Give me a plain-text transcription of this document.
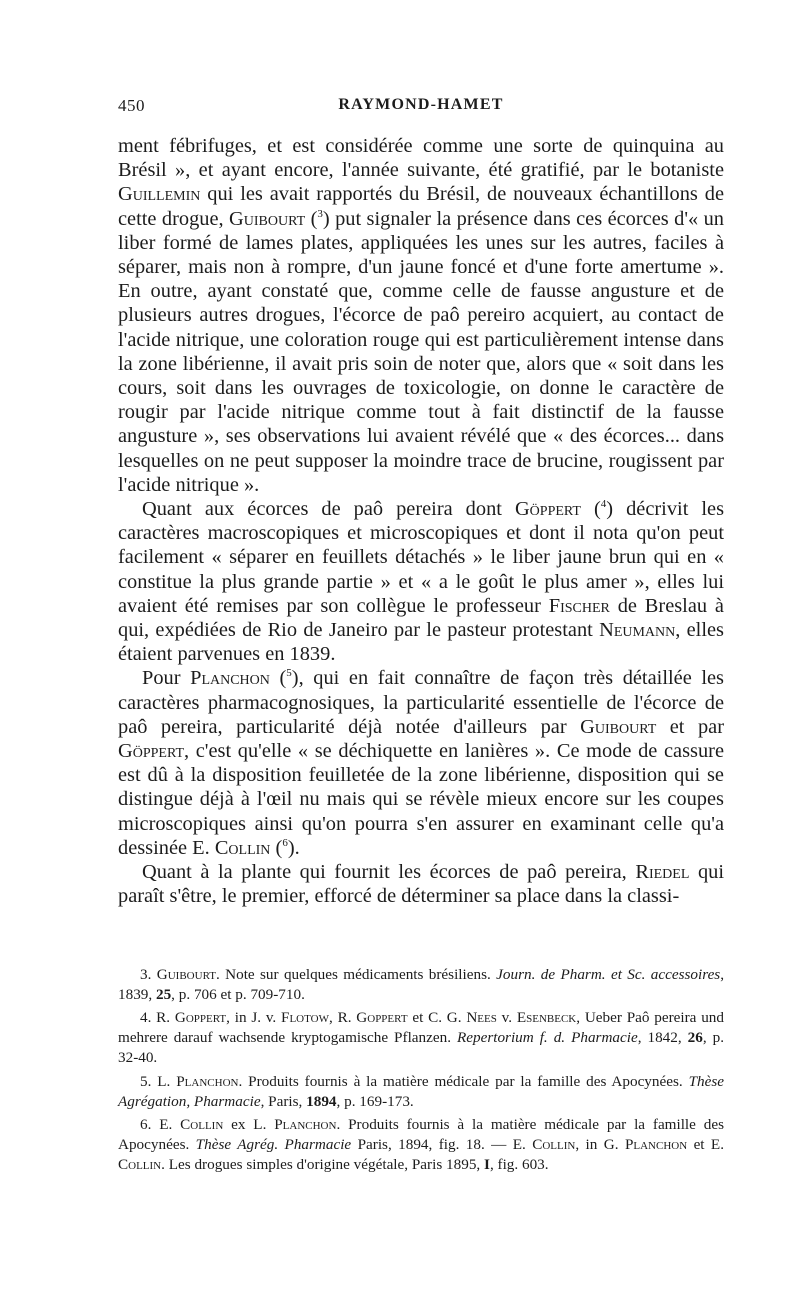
450	RAYMOND-HAMET

ment fébrifuges, et est considérée comme une sorte de quinquina au Brésil », et ayant encore, l'année suivante, été gratifié, par le botaniste Guillemin qui les avait rapportés du Brésil, de nouveaux échantillons de cette drogue, Guibourt ($^3$) put signaler la présence dans ces écorces d'« un liber formé de lames plates, appliquées les unes sur les autres, faciles à séparer, mais non à rompre, d'un jaune foncé et d'une forte amertume ». En outre, ayant constaté que, comme celle de fausse angusture et de plusieurs autres drogues, l'écorce de paô pereiro acquiert, au contact de l'acide nitrique, une coloration rouge qui est particulièrement intense dans la zone libérienne, il avait pris soin de noter que, alors que « soit dans les cours, soit dans les ouvrages de toxicologie, on donne le caractère de rougir par l'acide nitrique comme tout à fait distinctif de la fausse angusture », ses observations lui avaient révélé que « des écorces... dans lesquelles on ne peut supposer la moindre trace de brucine, rougissent par l'acide nitrique ».

Quant aux écorces de paô pereira dont Göppert ($^4$) décrivit les caractères macroscopiques et microscopiques et dont il nota qu'on peut facilement « séparer en feuillets détachés » le liber jaune brun qui en « constitue la plus grande partie » et « a le goût le plus amer », elles lui avaient été remises par son collègue le professeur Fischer de Breslau à qui, expédiées de Rio de Janeiro par le pasteur protestant Neumann, elles étaient parvenues en 1839.

Pour Planchon ($^5$), qui en fait connaître de façon très détaillée les caractères pharmacognosiques, la particularité essentielle de l'écorce de paô pereira, particularité déjà notée d'ailleurs par Guibourt et par Göppert, c'est qu'elle « se déchiquette en lanières ». Ce mode de cassure est dû à la disposition feuilletée de la zone libérienne, disposition qui se distingue déjà à l'œil nu mais qui se révèle mieux encore sur les coupes microscopiques ainsi qu'on pourra s'en assurer en examinant celle qu'a dessinée E. Collin ($^6$).

Quant à la plante qui fournit les écorces de paô pereira, Riedel qui paraît s'être, le premier, efforcé de déterminer sa place dans la classi-

3. Guibourt. Note sur quelques médicaments brésiliens. Journ. de Pharm. et Sc. accessoires, 1839, 25, p. 706 et p. 709-710.

4. R. Goppert, in J. v. Flotow, R. Goppert et C. G. Nees v. Esenbeck, Ueber Paô pereira und mehrere darauf wachsende kryptogamische Pflanzen. Repertorium f. d. Pharmacie, 1842, 26, p. 32-40.

5. L. Planchon. Produits fournis à la matière médicale par la famille des Apocynées. Thèse Agrégation, Pharmacie, Paris, 1894, p. 169-173.

6. E. Collin ex L. Planchon. Produits fournis à la matière médicale par la famille des Apocynées. Thèse Agrég. Pharmacie Paris, 1894, fig. 18. — E. Collin, in G. Planchon et E. Collin. Les drogues simples d'origine végétale, Paris 1895, I, fig. 603.
